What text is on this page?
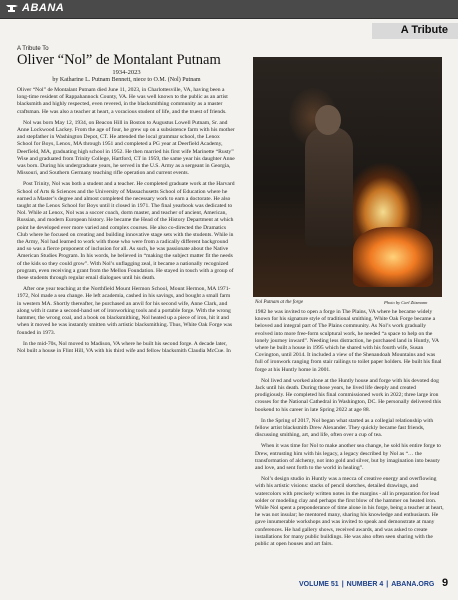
ABANA
A Tribute
A Tribute To
Oliver “Nol” de Montalant Putnam
1934-2023
by Katharine L. Putnam Bennett, niece to O.M. (Nol) Putnam

Oliver “Nol” de Montalant Putnam died June 11, 2023, in Charlottesville, VA, having been a long-time resident of Rappahannock County, VA. He was well known to the public as an artist blacksmith and highly respected, even revered, in the blacksmithing community as a master craftsman. He was also a teacher at heart, a voracious student of life, and the truest of friends.

Nol was born May 12, 1934, on Beacon Hill in Boston to Augustus Lowell Putnam, Sr. and Anne Lockwood Lackey. From the age of four, he grew up on a subsistence farm with his mother and stepfather in Washington Depot, CT. He attended the local grammar school, the Lenox School for Boys, Lenox, MA through 1951 and completed a PG year at Deerfield Academy, Deerfield, MA, graduating high school in 1952. He then married his first wife Marinette “Rusty” Wise and graduated from Trinity College, Hartford, CT in 1959, the same year his daughter Anne was born. During his undergraduate years, he served in the U.S. Army as a sergeant in Georgia, Missouri, and Southern Germany teaching rifle operation and current events.

Post Trinity, Nol was both a student and a teacher. He completed graduate work at the Harvard School of Arts & Sciences and the University of Massachusetts School of Education where he earned a Master’s degree and almost completed the necessary work to earn a doctorate. He also taught at the Lenox School for Boys until it closed in 1971. The final yearbook was dedicated to Nol. While at Lenox, Nol was a soccer coach, dorm master, and teacher of ancient, American, Russian, and modern European history. He became the Head of the History Department at which point he developed ever more varied and complex courses. He also co-directed the Dramatics Club where he focused on creating and building innovative stage sets with the students. While in the Army, Nol had learned to work with those who were from a radically different background and so was a fierce proponent of inclusion for all. As such, he was passionate about the Native American Studies Program. In his words, he believed in “making the subject matter fit the needs of the kids so they could grow”. With Nol’s unflagging zeal, it became a nationally recognized program, even receiving a grant from the Mellon Foundation. He stayed in touch with a group of these students through regular email dialogues until his death.

After one year teaching at the Northfield Mount Hermon School, Mount Hermon, MA 1971-1972, Nol made a sea change. He left academia, cashed in his savings, and bought a small farm in western MA. Shortly thereafter, he purchased an anvil for his second wife, Anne Clark, and along with it came a second-hand set of ironworking tools and a portable forge. With the wrong hammer, the wrong coal, and a book on blacksmithing, Nol heated up a piece of iron, hit it and when it moved he was instantly smitten with artistic blacksmithing. Thus, White Oak Forge was founded in 1973.

In the mid-70s, Nol moved to Madison, VA where he built his second forge. A decade later, Nol built a house in Flint Hill, VA with his third wife and fellow blacksmith Claudia McCue. In

Nol Putnam at the forge	Photo by Carl Zitzmann

1982 he was invited to open a forge in The Plains, VA where he became widely known for his signature style of traditional smithing. White Oak Forge became a beloved and integral part of The Plains community. As Nol’s work gradually evolved into more free-form sculptural work, he needed “a space to help on the lonely journey inward”. Needing less distraction, he purchased land in Huntly, VA where he built a house in 1995 which he shared with his fourth wife, Susan Covington, until 2014. It included a view of the Shenandoah Mountains and was full of ironwork ranging from stair railings to toilet paper holders. He built his final forge at his Huntly home in 2001.

Nol lived and worked alone at the Huntly house and forge with his devoted dog Jack until his death. During those years, he lived life deeply and created prodigiously. He completed his final commissioned work in 2022; three large iron crosses for the National Cathedral in Washington, DC. He personally delivered this bookend to his career in late Spring 2022 at age 88.

In the Spring of 2017, Nol began what started as a collegial relationship with fellow artist blacksmith Drew Alexander. They quickly became fast friends, discussing smithing, art, and life, often over a cup of tea.

When it was time for Nol to make another sea change, he sold his entire forge to Drew, entrusting him with his legacy, a legacy described by Nol as “… the transformation of alchemy, not into gold and silver, but by imagination into beauty and love, and sent forth to the world in healing”.

Nol’s design studio in Huntly was a mecca of creative energy and overflowing with his artistic visions: stacks of pencil sketches, detailed drawings, and watercolors with precisely written notes in the margins - all in preparation for lead solder or modeling clay and perhaps the first blow of the hammer on heated iron. While Nol spent a preponderance of time alone in his forge, being a teacher at heart, he was not insular; he mentored many, sharing his knowledge and enthusiasm. He gave innumerable workshops and was invited to speak and demonstrate at many conferences. He had gallery shows, received awards, and was asked to create installations for many public buildings. He was also often seen sharing with the public at open houses and art fairs.

VOLUME 51 | NUMBER 4 | ABANA.ORG 9
